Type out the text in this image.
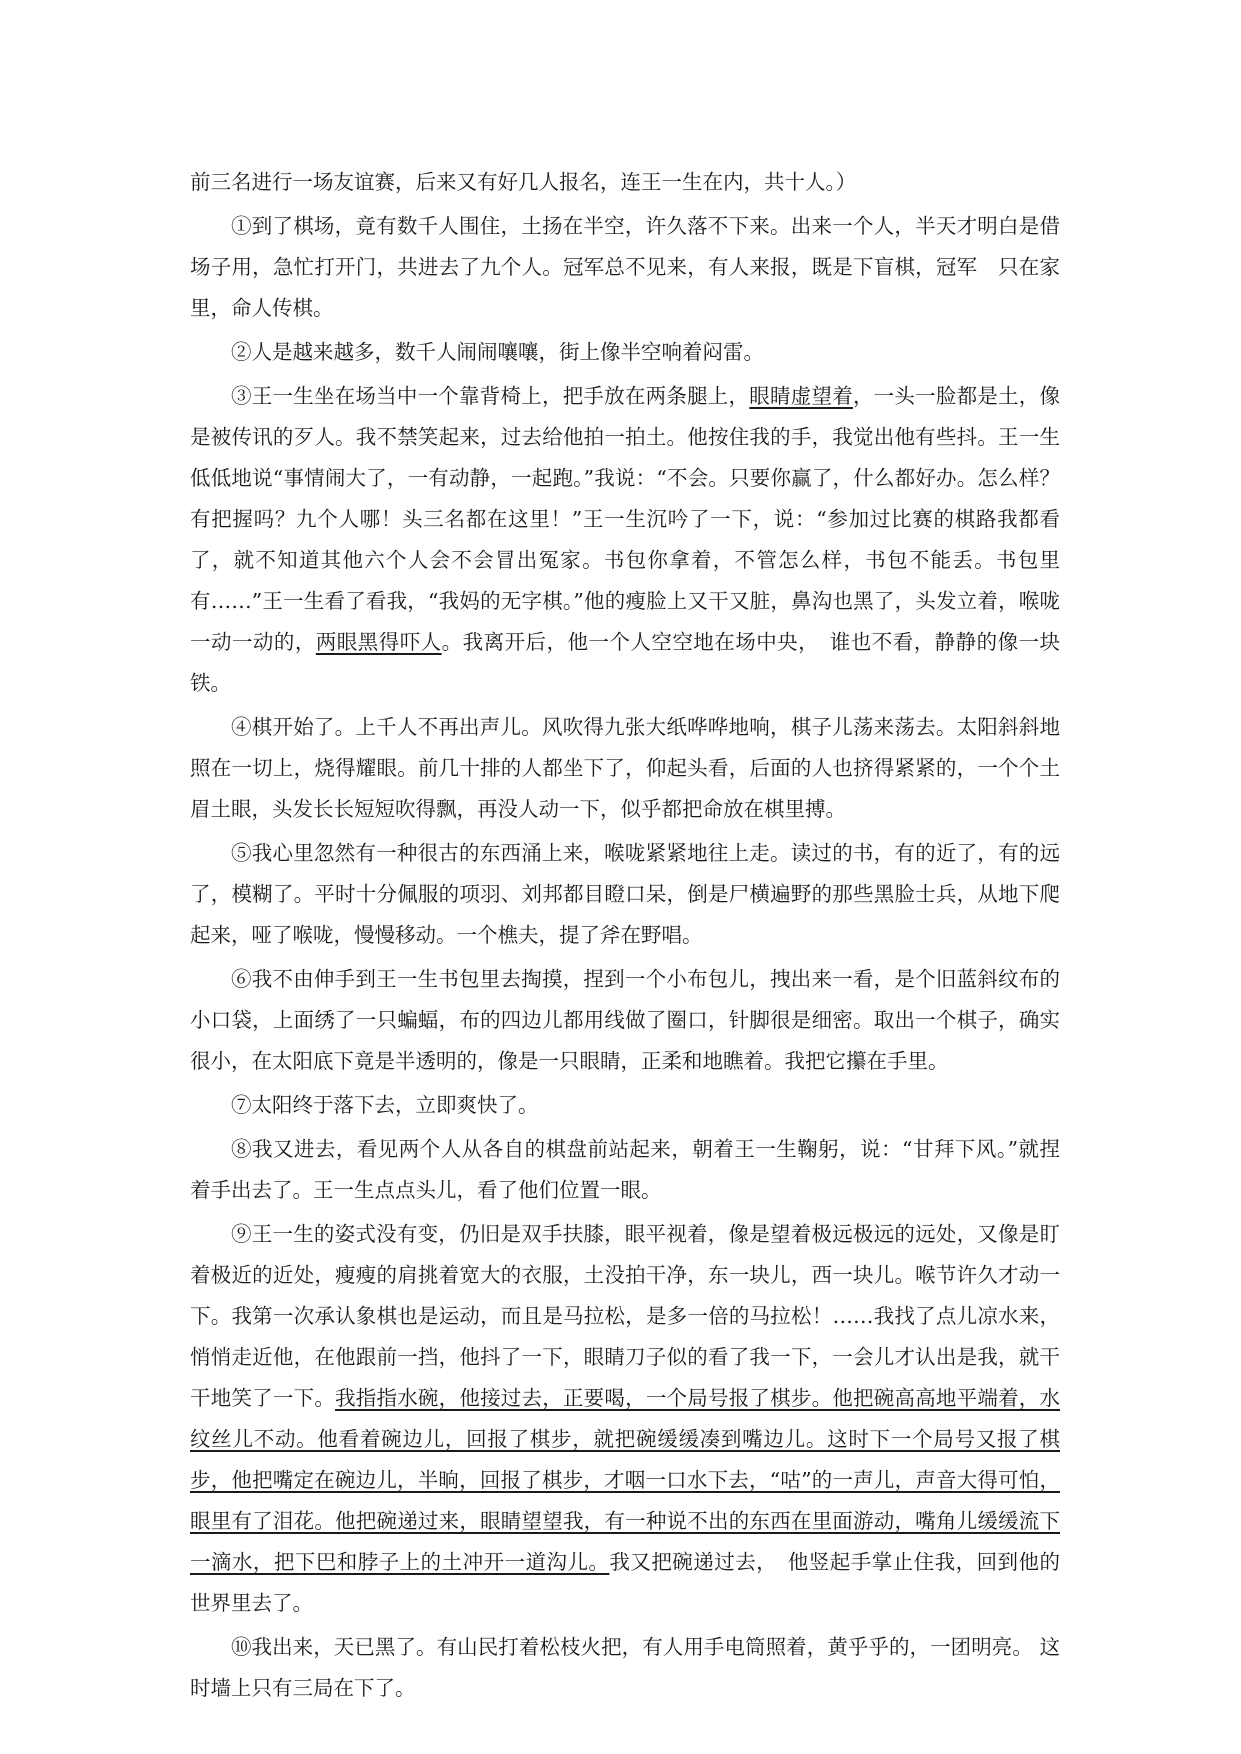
前三名进行一场友谊赛，后来又有好几人报名，连王一生在内，共十人。）

①到了棋场，竟有数千人围住，土扬在半空，许久落不下来。出来一个人，半天才明白是借场子用，急忙打开门，共进去了九个人。冠军总不见来，有人来报，既是下盲棋，冠军　只在家里，命人传棋。

②人是越来越多，数千人闹闹嚷嚷，街上像半空响着闷雷。

③王一生坐在场当中一个靠背椅上，把手放在两条腿上，眼睛虚望着，一头一脸都是土，像是被传讯的歹人。我不禁笑起来，过去给他拍一拍土。他按住我的手，我觉出他有些抖。王一生低低地说“事情闹大了，一有动静，一起跑。”我说：“不会。只要你赢了，什么都好办。怎么样？有把握吗？九个人哪！头三名都在这里！”王一生沉吟了一下，说：“参加过比赛的棋路我都看了，就不知道其他六个人会不会冒出冤家。书包你拿着，不管怎么样，书包不能丢。书包里有……”王一生看了看我，“我妈的无字棋。”他的瘦脸上又干又脏，鼻沟也黑了，头发立着，喉咙一动一动的，两眼黑得吓人。我离开后，他一个人空空地在场中央，　谁也不看，静静的像一块铁。

④棋开始了。上千人不再出声儿。风吹得九张大纸哗哗地响，棋子儿荡来荡去。太阳斜斜地照在一切上，烧得耀眼。前几十排的人都坐下了，仰起头看，后面的人也挤得紧紧的，一个个土眉土眼，头发长长短短吹得飘，再没人动一下，似乎都把命放在棋里搏。

⑤我心里忽然有一种很古的东西涌上来，喉咙紧紧地往上走。读过的书，有的近了，有的远了，模糊了。平时十分佩服的项羽、刘邦都目瞪口呆，倒是尸横遍野的那些黑脸士兵，从地下爬起来，哑了喉咙，慢慢移动。一个樵夫，提了斧在野唱。

⑥我不由伸手到王一生书包里去掏摸，捏到一个小布包儿，拽出来一看，是个旧蓝斜纹布的小口袋，上面绣了一只蝙蝠，布的四边儿都用线做了圈口，针脚很是细密。取出一个棋子，确实很小，在太阳底下竟是半透明的，像是一只眼睛，正柔和地瞧着。我把它攥在手里。

⑦太阳终于落下去，立即爽快了。

⑧我又进去，看见两个人从各自的棋盘前站起来，朝着王一生鞠躬，说：“甘拜下风。”就捏着手出去了。王一生点点头儿，看了他们位置一眼。

⑨王一生的姿式没有变，仍旧是双手扶膝，眼平视着，像是望着极远极远的远处，又像是盯着极近的近处，瘦瘦的肩挑着宽大的衣服，土没拍干净，东一块儿，西一块儿。喉节许久才动一下。我第一次承认象棋也是运动，而且是马拉松，是多一倍的马拉松！……我找了点儿凉水来，悄悄走近他，在他跟前一挡，他抖了一下，眼睛刀子似的看了我一下，一会儿才认出是我，就干干地笑了一下。我指指水碗，他接过去，正要喝，一个局号报了棋步。他把碗高高地平端着，水纹丝儿不动。他看着碗边儿，回报了棋步，就把碗缓缓凑到嘴边儿。这时下一个局号又报了棋步，他把嘴定在碗边儿，半晌，回报了棋步，才咽一口水下去，“咕”的一声儿，声音大得可怕，眼里有了泪花。他把碗递过来，眼睛望望我，有一种说不出的东西在里面游动，嘴角儿缓缓流下一滴水，把下巴和脖子上的土冲开一道沟儿。我又把碗递过去，　他竖起手掌止住我，回到他的世界里去了。

⑩我出来，天已黑了。有山民打着松枝火把，有人用手电筒照着，黄乎乎的，一团明亮。 这时墙上只有三局在下了。
